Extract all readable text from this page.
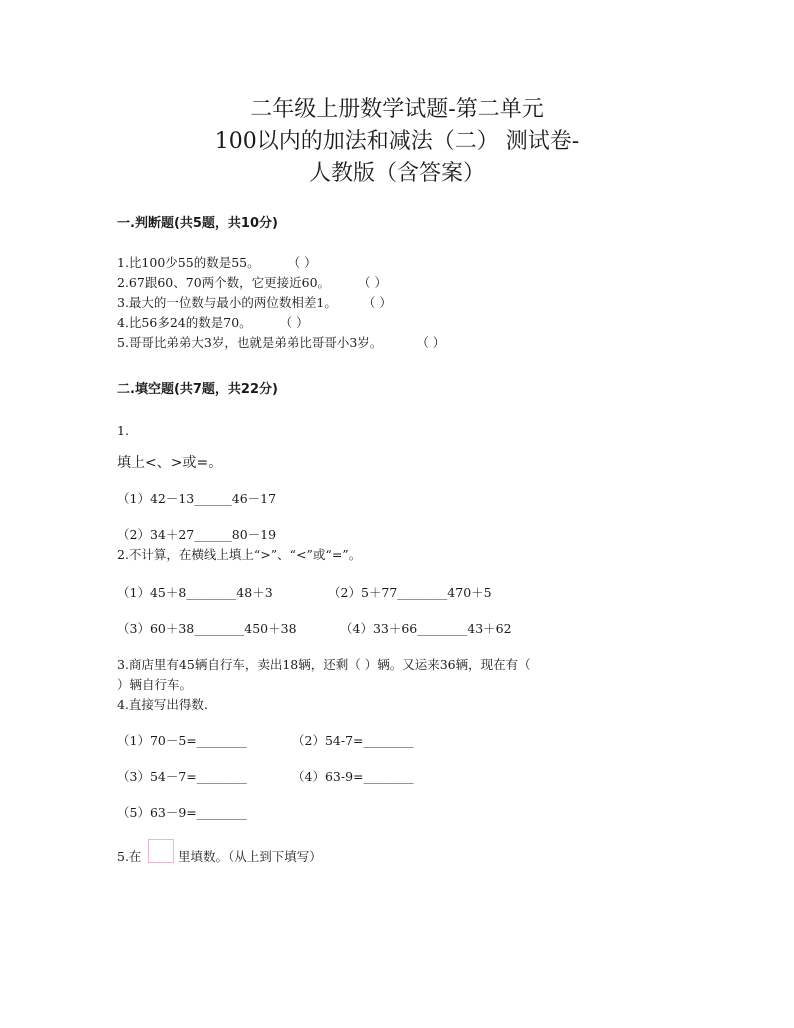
二年级上册数学试题-第二单元
100以内的加法和减法（二） 测试卷-
人教版（含答案）
一.判断题(共5题，共10分)
1.比100少55的数是55。 （ ）
2.67跟60、70两个数，它更接近60。 （ ）
3.最大的一位数与最小的两位数相差1。 （ ）
4.比56多24的数是70。 （ ）
5.哥哥比弟弟大3岁，也就是弟弟比哥哥小3岁。	（ ）
二.填空题(共7题，共22分)
1.
填上<、>或=。
（1）42－13______46－17
（2）34＋27______80－19
2.不计算，在横线上填上“>”、“<”或“=”。
（1）45＋8________48＋3	（2）5＋77________470＋5
（3）60＋38________450＋38	（4）33＋66________43＋62
3.商店里有45辆自行车，卖出18辆，还剩（ ）辆。又运来36辆，现在有（
）辆自行车。
4.直接写出得数.
（1）70－5=________	（2）54-7=________
（3）54－7=________	（4）63-9=________
（5）63－9=________
5.在	里填数。（从上到下填写）
